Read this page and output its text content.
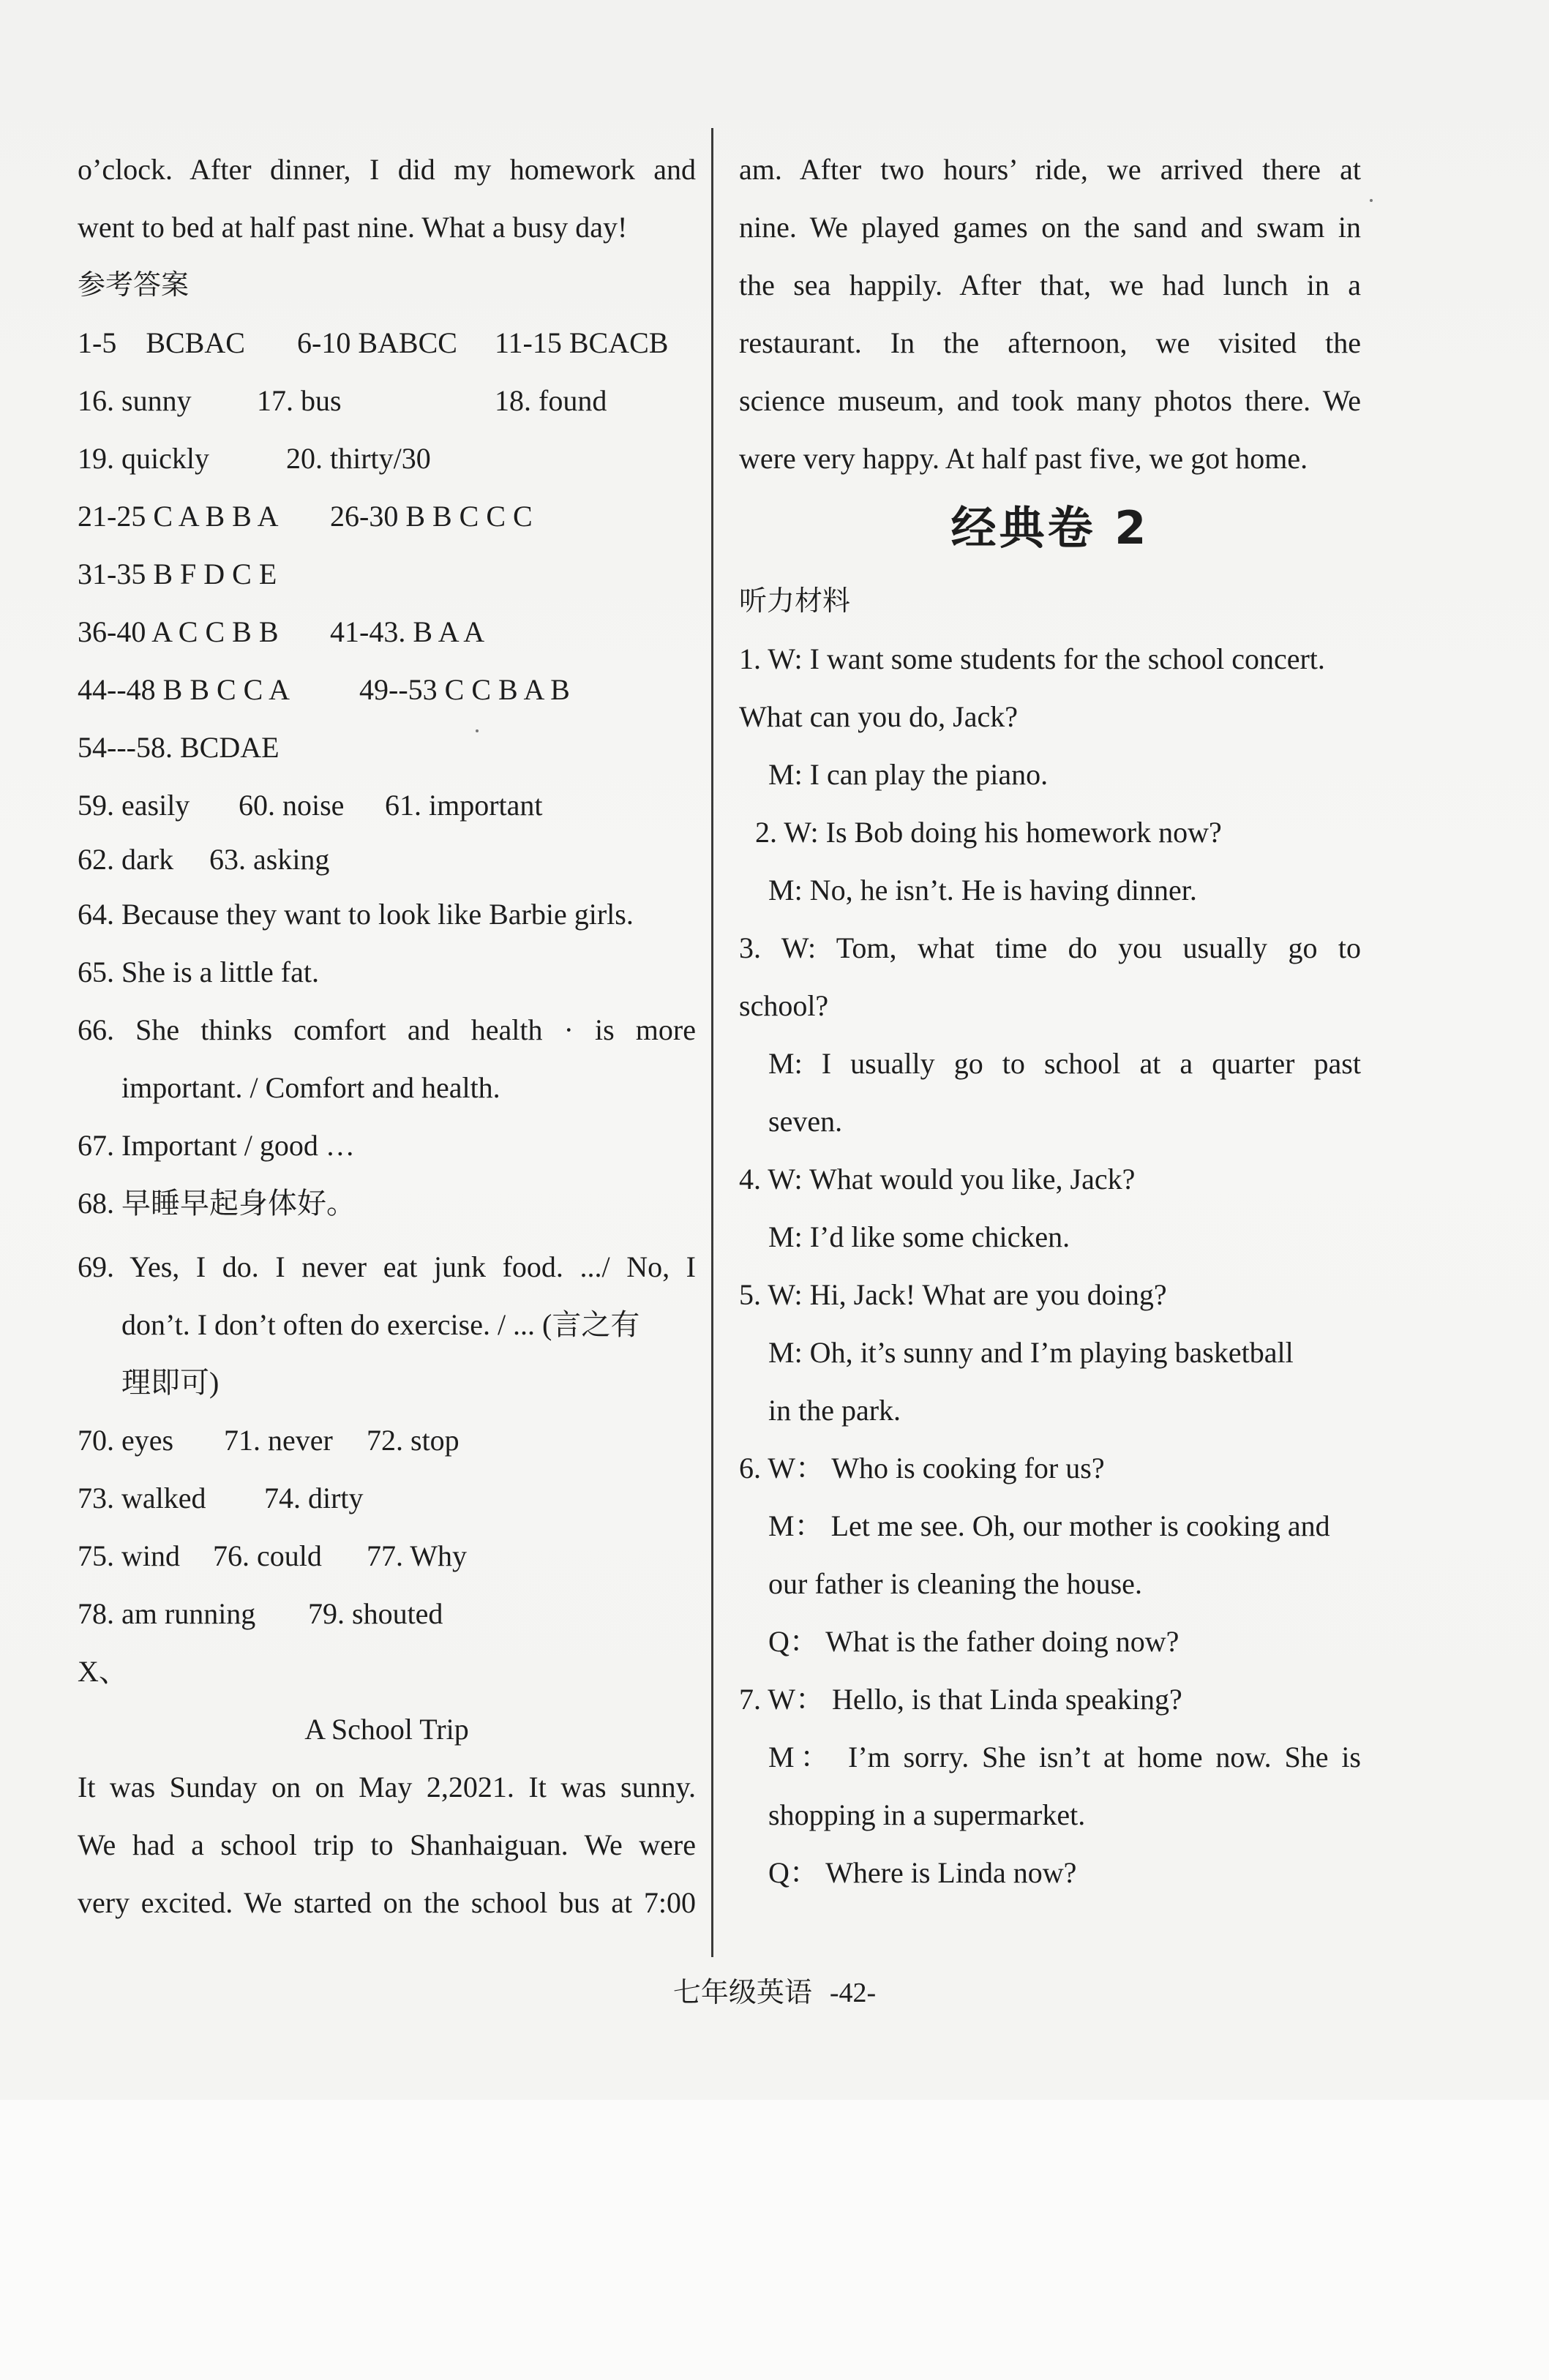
o’clock. After dinner, I did my homework and
went to bed at half past nine. What a busy day!
参考答案
1-5　BCBAC 6-10 BABCC 11-15 BCACB
16. sunny 17. bus	18. found
19. quickly	20. thirty/30
21-25 C A B B A 26-30 B B C C C
31-35 B F D C E
36-40 A C C B B 41-43. B A A
44--48 B B C C A 49--53 C C B A B
54---58. BCDAE
59. easily 60. noise 61. important
62. dark 63. asking
64. Because they want to look like Barbie girls.
65. She is a little fat.
66. She thinks comfort and health · is more
important. / Comfort and health.
67. Important / good …
68. 早睡早起身体好。
69. Yes, I do. I never eat junk food. .../ No, I
don’t. I don’t often do exercise. / ... (言之有
理即可)
70. eyes 71. never 72. stop
73. walked 74. dirty
75. wind 76. could 77. Why
78. am running 79. shouted
X、
A School Trip
It was Sunday on on May 2,2021. It was sunny.
We had a school trip to Shanhaiguan. We were
very excited. We started on the school bus at 7:00
am. After two hours’ ride, we arrived there at
nine. We played games on the sand and swam in
the sea happily. After that, we had lunch in a
restaurant. In the afternoon, we visited the
science museum, and took many photos there. We
were very happy. At half past five, we got home.
经典卷 2
听力材料
1. W: I want some students for the school concert.
What can you do, Jack?
M: I can play the piano.
2. W: Is Bob doing his homework now?
M: No, he isn’t. He is having dinner.
3. W: Tom, what time do you usually go to
school?
M: I usually go to school at a quarter past
seven.
4. W: What would you like, Jack?
M: I’d like some chicken.
5. W: Hi, Jack! What are you doing?
M: Oh, it’s sunny and I’m playing basketball
in the park.
6. W： Who is cooking for us?
M： Let me see. Oh, our mother is cooking and
our father is cleaning the house.
Q： What is the father doing now?
7. W： Hello, is that Linda speaking?
M： I’m sorry. She isn’t at home now. She is
shopping in a supermarket.
Q： Where is Linda now?
七年级英语 -42-
